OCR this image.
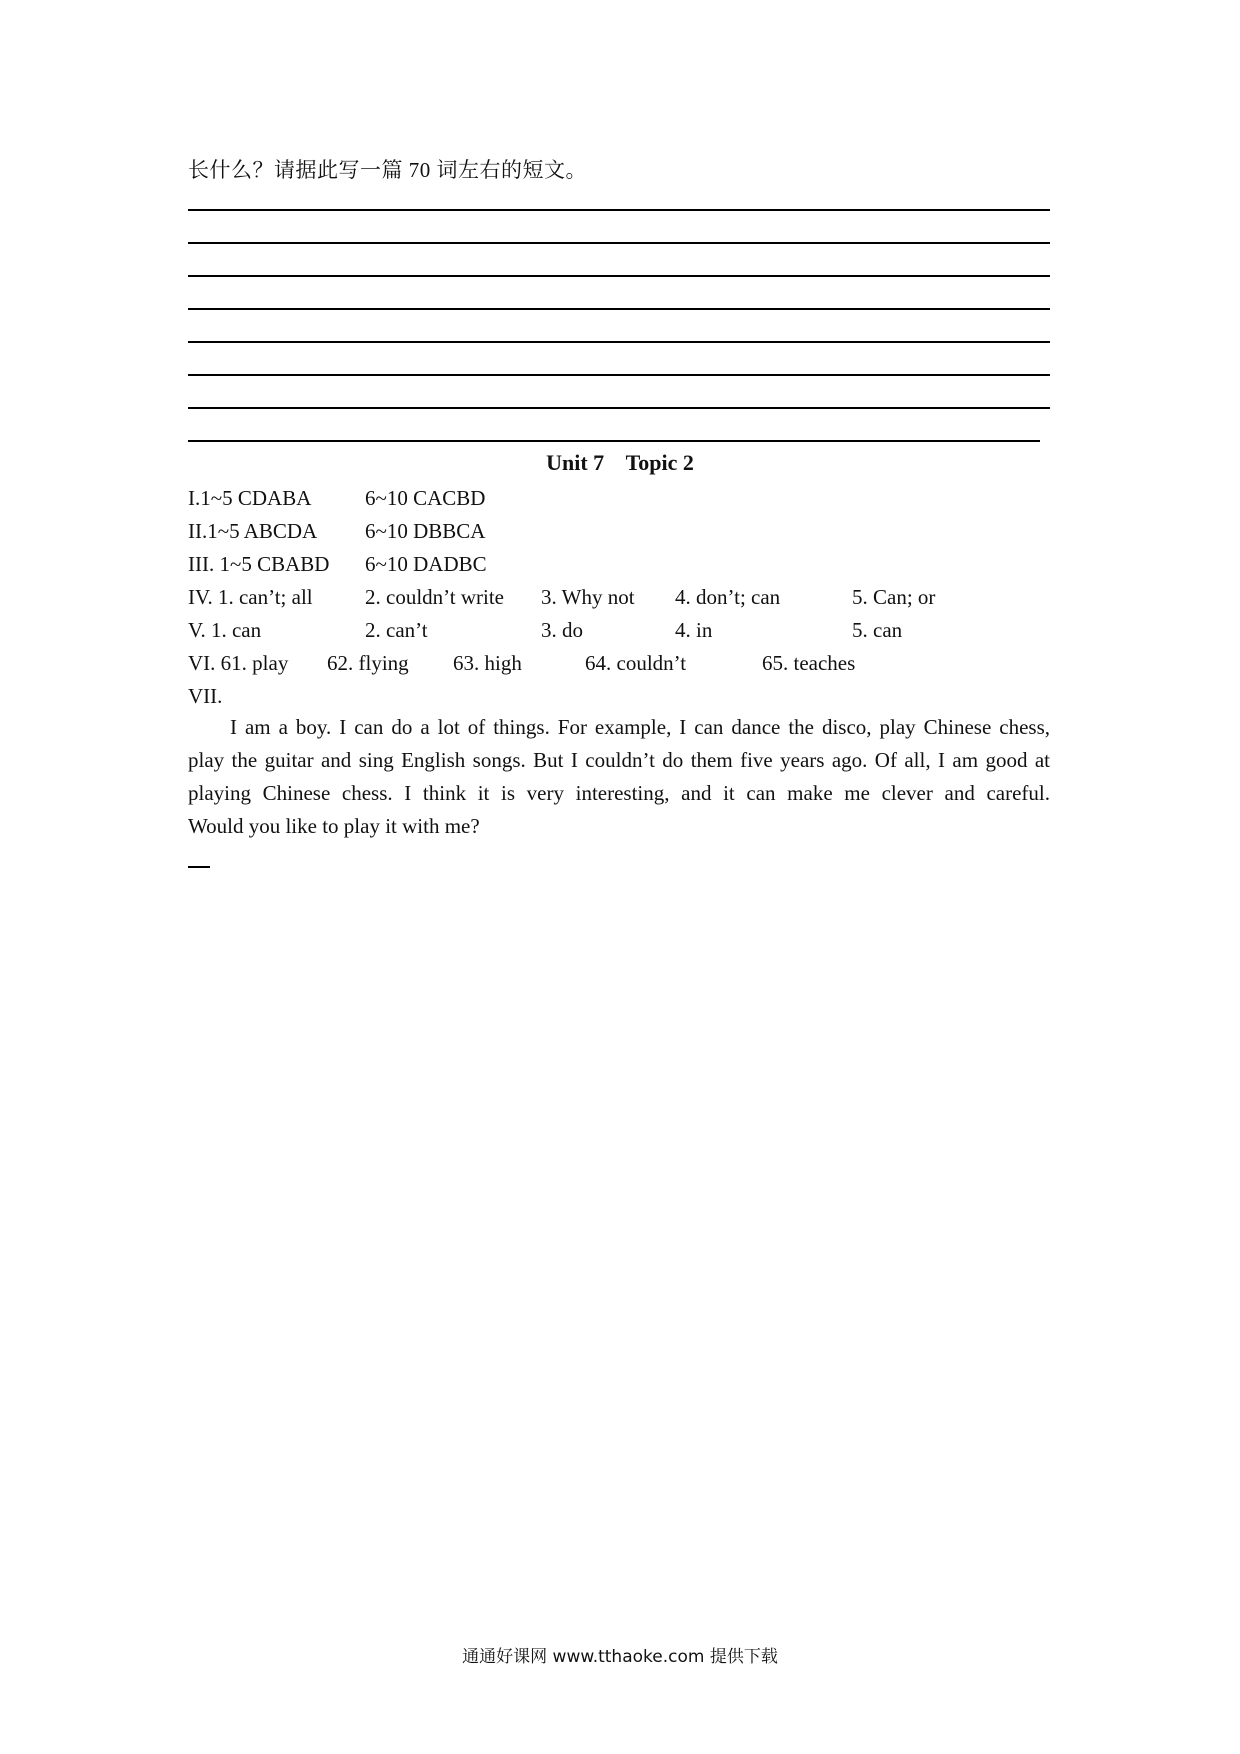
长什么？请据此写一篇 70 词左右的短文。
Unit 7 Topic 2
I.1~5 CDABA	6~10 CACBD
II.1~5 ABCDA 6~10 DBBCA
III. 1~5 CBABD 6~10 DADBC
IV. 1. can’t; all 2. couldn’t write 3. Why not 4. don’t; can	5. Can; or
V. 1. can	2. can’t	3. do	4. in	5. can
VI. 61. play 62. flying 63. high	64. couldn’t	65. teaches
VII.
I am a boy. I can do a lot of things. For example, I can dance the disco, play Chinese chess,
play the guitar and sing English songs. But I couldn’t do them five years ago. Of all, I am good at
playing Chinese chess. I think it is very interesting, and it can make me clever and careful.
Would you like to play it with me?
通通好课网 www.tthaoke.com 提供下载
